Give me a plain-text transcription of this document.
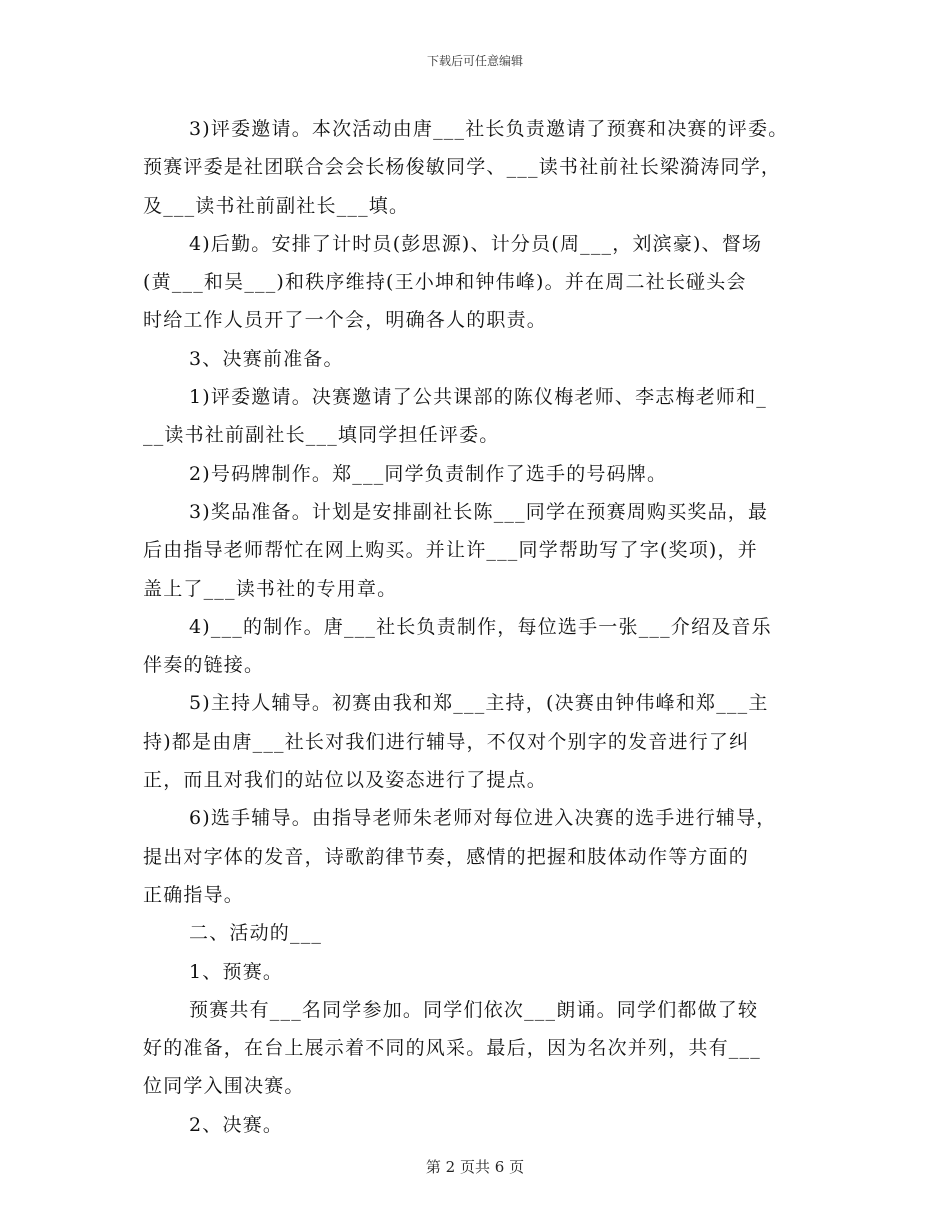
下载后可任意编辑
3)评委邀请。本次活动由唐___社长负责邀请了预赛和决赛的评委。
预赛评委是社团联合会会长杨俊敏同学、___读书社前社长梁漪涛同学，
及___读书社前副社长___填。
4)后勤。安排了计时员(彭思源)、计分员(周___，刘滨豪)、督场
(黄___和吴___)和秩序维持(王小坤和钟伟峰)。并在周二社长碰头会
时给工作人员开了一个会，明确各人的职责。
3、决赛前准备。
1)评委邀请。决赛邀请了公共课部的陈仪梅老师、李志梅老师和_
__读书社前副社长___填同学担任评委。
2)号码牌制作。郑___同学负责制作了选手的号码牌。
3)奖品准备。计划是安排副社长陈___同学在预赛周购买奖品，最
后由指导老师帮忙在网上购买。并让许___同学帮助写了字(奖项)，并
盖上了___读书社的专用章。
4)___的制作。唐___社长负责制作，每位选手一张___介绍及音乐
伴奏的链接。
5)主持人辅导。初赛由我和郑___主持，(决赛由钟伟峰和郑___主
持)都是由唐___社长对我们进行辅导，不仅对个别字的发音进行了纠
正，而且对我们的站位以及姿态进行了提点。
6)选手辅导。由指导老师朱老师对每位进入决赛的选手进行辅导，
提出对字体的发音，诗歌韵律节奏，感情的把握和肢体动作等方面的
正确指导。
二、活动的___
1、预赛。
预赛共有___名同学参加。同学们依次___朗诵。同学们都做了较
好的准备，在台上展示着不同的风采。最后，因为名次并列，共有___
位同学入围决赛。
2、决赛。
第 2 页共 6 页
